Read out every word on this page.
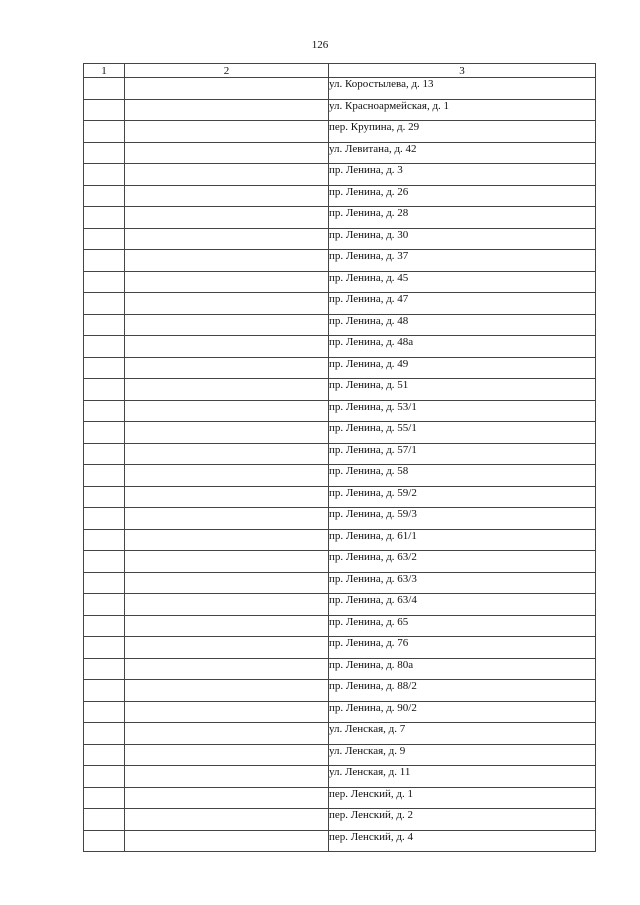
126
1	2	3
		ул. Коростылева, д. 13
		ул. Красноармейская, д. 1
		пер. Крупина, д. 29
		ул. Левитана, д. 42
		пр. Ленина, д. 3
		пр. Ленина, д. 26
		пр. Ленина, д. 28
		пр. Ленина, д. 30
		пр. Ленина, д. 37
		пр. Ленина, д. 45
		пр. Ленина, д. 47
		пр. Ленина, д. 48
		пр. Ленина, д. 48а
		пр. Ленина, д. 49
		пр. Ленина, д. 51
		пр. Ленина, д. 53/1
		пр. Ленина, д. 55/1
		пр. Ленина, д. 57/1
		пр. Ленина, д. 58
		пр. Ленина, д. 59/2
		пр. Ленина, д. 59/3
		пр. Ленина, д. 61/1
		пр. Ленина, д. 63/2
		пр. Ленина, д. 63/3
		пр. Ленина, д. 63/4
		пр. Ленина, д. 65
		пр. Ленина, д. 76
		пр. Ленина, д. 80а
		пр. Ленина, д. 88/2
		пр. Ленина, д. 90/2
		ул. Ленская, д. 7
		ул. Ленская, д. 9
		ул. Ленская, д. 11
		пер. Ленский, д. 1
		пер. Ленский, д. 2
		пер. Ленский, д. 4
